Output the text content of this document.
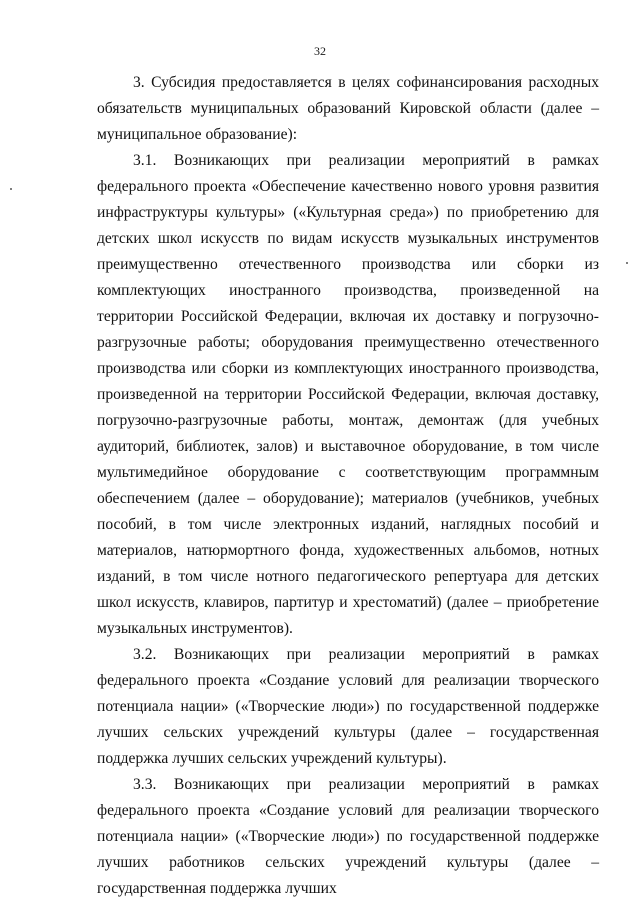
32

3. Субсидия предоставляется в целях софинансирования расходных обязательств муниципальных образований Кировской области (далее – муниципальное образование):

3.1. Возникающих при реализации мероприятий в рамках федерального проекта «Обеспечение качественно нового уровня развития инфраструктуры культуры» («Культурная среда») по приобретению для детских школ искусств по видам искусств музыкальных инструментов преимущественно отечественного производства или сборки из комплектующих иностранного производства, произведенной на территории Российской Федерации, включая их доставку и погрузочно-разгрузочные работы; оборудования преимущественно отечественного производства или сборки из комплектующих иностранного производства, произведенной на территории Российской Федерации, включая доставку, погрузочно-разгрузочные работы, монтаж, демонтаж (для учебных аудиторий, библиотек, залов) и выставочное оборудование, в том числе мультимедийное оборудование с соответствующим программным обеспечением (далее – оборудование); материалов (учебников, учебных пособий, в том числе электронных изданий, наглядных пособий и материалов, натюрмортного фонда, художественных альбомов, нотных изданий, в том числе нотного педагогического репертуара для детских школ искусств, клавиров, партитур и хрестоматий) (далее – приобретение музыкальных инструментов).

3.2. Возникающих при реализации мероприятий в рамках федерального проекта «Создание условий для реализации творческого потенциала нации» («Творческие люди») по государственной поддержке лучших сельских учреждений культуры (далее – государственная поддержка лучших сельских учреждений культуры).

3.3. Возникающих при реализации мероприятий в рамках федерального проекта «Создание условий для реализации творческого потенциала нации» («Творческие люди») по государственной поддержке лучших работников сельских учреждений культуры (далее – государственная поддержка лучших
